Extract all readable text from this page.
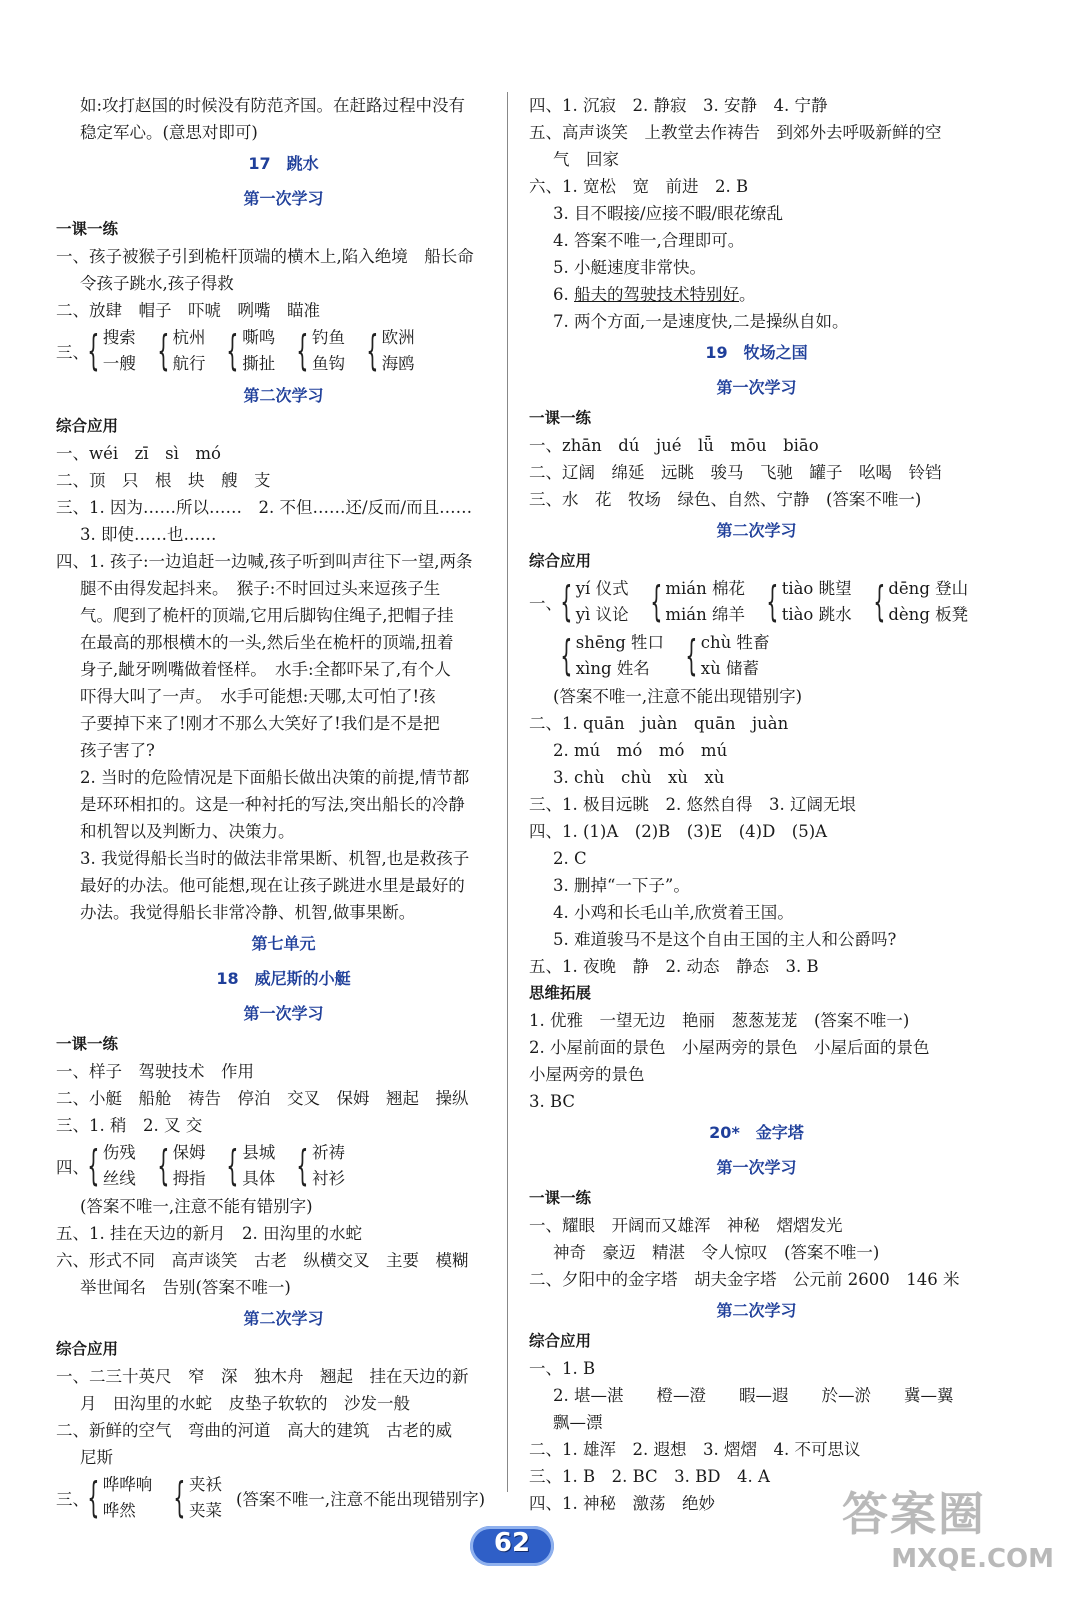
如:攻打赵国的时候没有防范齐国。在赶路过程中没有
稳定军心。(意思对即可)
17　跳水
第一次学习
一课一练
一、孩子被猴子引到桅杆顶端的横木上,陷入绝境　船长命
令孩子跳水,孩子得救
二、放肆　帽子　吓唬　咧嘴　瞄准
三、
{ 搜索
一艘 { 杭州
航行 { 嘶鸣
撕扯 { 钓鱼
鱼钩 { 欧洲
海鸥
第二次学习
综合应用
一、wéi　zī　sì　mó
二、顶　只　根　块　艘　支
三、1. 因为……所以……　2. 不但……还/反而/而且……
3. 即使……也……
四、1. 孩子:一边追赶一边喊,孩子听到叫声往下一望,两条
腿不由得发起抖来。　猴子:不时回过头来逗孩子生
气。爬到了桅杆的顶端,它用后脚钩住绳子,把帽子挂
在最高的那根横木的一头,然后坐在桅杆的顶端,扭着
身子,龇牙咧嘴做着怪样。　水手:全都吓呆了,有个人
吓得大叫了一声。　水手可能想:天哪,太可怕了!孩
子要掉下来了!刚才不那么大笑好了!我们是不是把
孩子害了?
2. 当时的危险情况是下面船长做出决策的前提,情节都
是环环相扣的。这是一种衬托的写法,突出船长的冷静
和机智以及判断力、决策力。
3. 我觉得船长当时的做法非常果断、机智,也是救孩子
最好的办法。他可能想,现在让孩子跳进水里是最好的
办法。我觉得船长非常冷静、机智,做事果断。
第七单元
18　威尼斯的小艇
第一次学习
一课一练
一、样子　驾驶技术　作用
二、小艇　船舱　祷告　停泊　交叉　保姆　翘起　操纵
三、1. 稍　2. 叉 交
四、
{ 伤残
丝线 { 保姆
拇指 { 县城
具体 { 祈祷
衬衫
(答案不唯一,注意不能有错别字)
五、1. 挂在天边的新月　2. 田沟里的水蛇
六、形式不同　高声谈笑　古老　纵横交叉　主要　模糊
举世闻名　告别(答案不唯一)
第二次学习
综合应用
一、二三十英尺　窄　深　独木舟　翘起　挂在天边的新
月　田沟里的水蛇　皮垫子软软的　沙发一般
二、新鲜的空气　弯曲的河道　高大的建筑　古老的威
尼斯
三、
{ 哗哗响
哗然 { 夹袄
夹菜
(答案不唯一,注意不能出现错别字)
四、1. 沉寂　2. 静寂　3. 安静　4. 宁静
五、高声谈笑　上教堂去作祷告　到郊外去呼吸新鲜的空
气　回家
六、1. 宽松　宽　前进　2. B
3. 目不暇接/应接不暇/眼花缭乱
4. 答案不唯一,合理即可。
5. 小艇速度非常快。
6. 船夫的驾驶技术特别好。
7. 两个方面,一是速度快,二是操纵自如。
19　牧场之国
第一次学习
一课一练
一、zhān　dú　jué　lǖ　mōu　biāo
二、辽阔　绵延　远眺　骏马　飞驰　罐子　吆喝　铃铛
三、水　花　牧场　绿色、自然、宁静　(答案不唯一)
第二次学习
综合应用
一、
{ yí 仪式
yì 议论 { mián 棉花
mián 绵羊 { tiào 眺望
tiào 跳水 { dēng 登山
dèng 板凳
{ shēng 牲口
xìng 姓名 { chù 牲畜
xù 储蓄
(答案不唯一,注意不能出现错别字)
二、1. quān　juàn　quān　juàn
2. mú　mó　mó　mú
3. chù　chù　xù　xù
三、1. 极目远眺　2. 悠然自得　3. 辽阔无垠
四、1. (1)A　(2)B　(3)E　(4)D　(5)A
2. C
3. 删掉“一下子”。
4. 小鸡和长毛山羊,欣赏着王国。
5. 难道骏马不是这个自由王国的主人和公爵吗?
五、1. 夜晚　静　2. 动态　静态　3. B
思维拓展
1. 优雅　一望无边　艳丽　葱葱茏茏　(答案不唯一)
2. 小屋前面的景色　小屋两旁的景色　小屋后面的景色
小屋两旁的景色
3. BC
20*　金字塔
第一次学习
一课一练
一、耀眼　开阔而又雄浑　神秘　熠熠发光
神奇　豪迈　精湛　令人惊叹　(答案不唯一)
二、夕阳中的金字塔　胡夫金字塔　公元前 2600　146 米
第二次学习
综合应用
一、1. B
2. 堪—湛　　橙—澄　　暇—遐　　於—淤　　冀—翼
飘—漂
二、1. 雄浑　2. 遐想　3. 熠熠　4. 不可思议
三、1. B　2. BC　3. BD　4. A
四、1. 神秘　激荡　绝妙
62
答案圈
MXQE.COM
